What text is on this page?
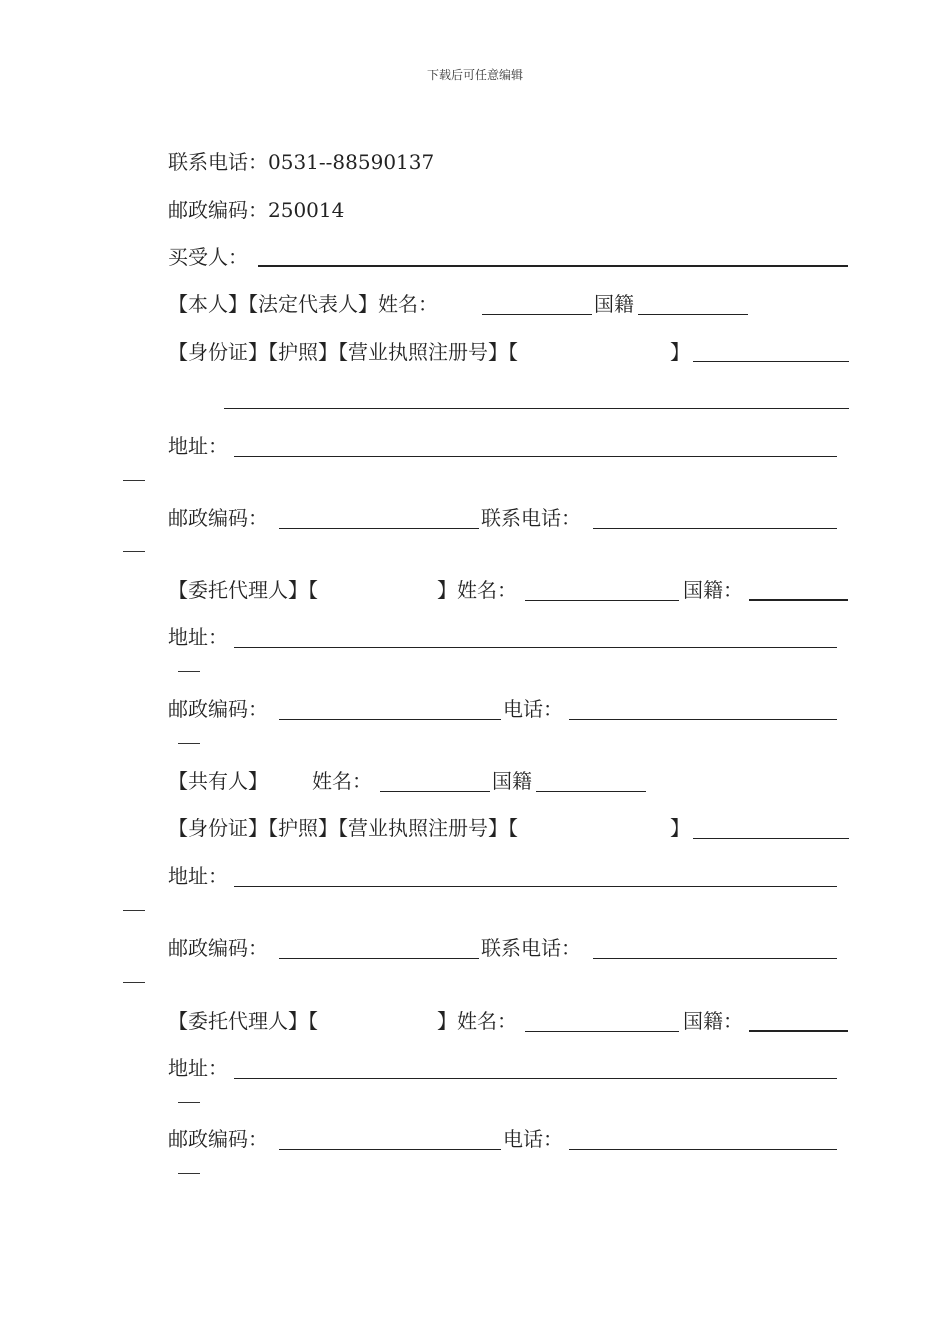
下载后可任意编辑
联系电话：0531--88590137
邮政编码：250014
买受人：
【本人】【法定代表人】姓名：	国籍
【身份证】【护照】【营业执照注册号】【	】
地址：
邮政编码：	联系电话：
【委托代理人】【	】姓名：	国籍：
地址：
邮政编码：	电话：
【共有人】 姓名：	国籍
【身份证】【护照】【营业执照注册号】【	】
地址：
邮政编码：	联系电话：
【委托代理人】【	】姓名：	国籍：
地址：
邮政编码：	电话：
